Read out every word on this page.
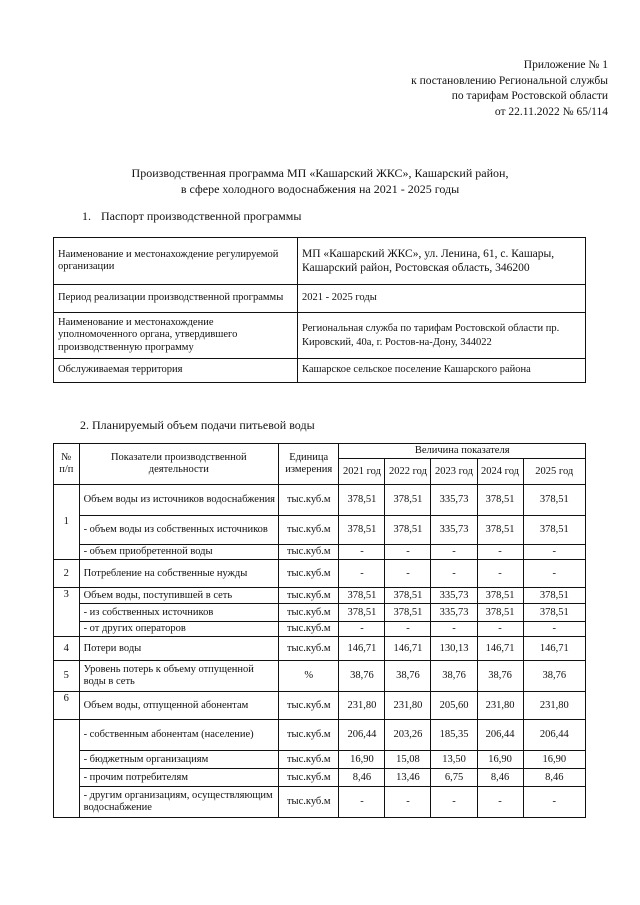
Приложение № 1
к постановлению Региональной службы
по тарифам Ростовской области
от 22.11.2022 № 65/114
Производственная программа МП «Кашарский ЖКС», Кашарский район,
в сфере холодного водоснабжения на 2021 - 2025 годы
1. Паспорт производственной программы
Наименование и местонахождение регулируемой организации	МП «Кашарский ЖКС», ул. Ленина, 61, с. Кашары, Кашарский район, Ростовская область, 346200
Период реализации производственной программы	2021 - 2025 годы
Наименование и местонахождение уполномоченного органа, утвердившего производственную программу	Региональная служба по тарифам Ростовской области пр. Кировский, 40а, г. Ростов-на-Дону, 344022
Обслуживаемая территория	Кашарское сельское поселение Кашарского района
2. Планируемый объем подачи питьевой воды
№ п/п	Показатели производственной деятельности	Единица измерения	Величина показателя				
			2021 год	2022 год	2023 год	2024 год	2025 год
1	Объем воды из источников водоснабжения	тыс.куб.м	378,51	378,51	335,73	378,51	378,51
	- объем воды из собственных источников	тыс.куб.м	378,51	378,51	335,73	378,51	378,51
	- объем приобретенной воды	тыс.куб.м	-	-	-	-	-
2	Потребление на собственные нужды	тыс.куб.м	-	-	-	-	-
3	Объем воды, поступившей в сеть	тыс.куб.м	378,51	378,51	335,73	378,51	378,51
	- из собственных источников	тыс.куб.м	378,51	378,51	335,73	378,51	378,51
	- от других операторов	тыс.куб.м	-	-	-	-	-
4	Потери воды	тыс.куб.м	146,71	146,71	130,13	146,71	146,71
5	Уровень потерь к объему отпущенной воды в сеть	%	38,76	38,76	38,76	38,76	38,76
6	Объем воды, отпущенной абонентам	тыс.куб.м	231,80	231,80	205,60	231,80	231,80
	- собственным абонентам (население)	тыс.куб.м	206,44	203,26	185,35	206,44	206,44
	- бюджетным организациям	тыс.куб.м	16,90	15,08	13,50	16,90	16,90
	- прочим потребителям	тыс.куб.м	8,46	13,46	6,75	8,46	8,46
	- другим организациям, осуществляющим водоснабжение	тыс.куб.м	-	-	-	-	-
